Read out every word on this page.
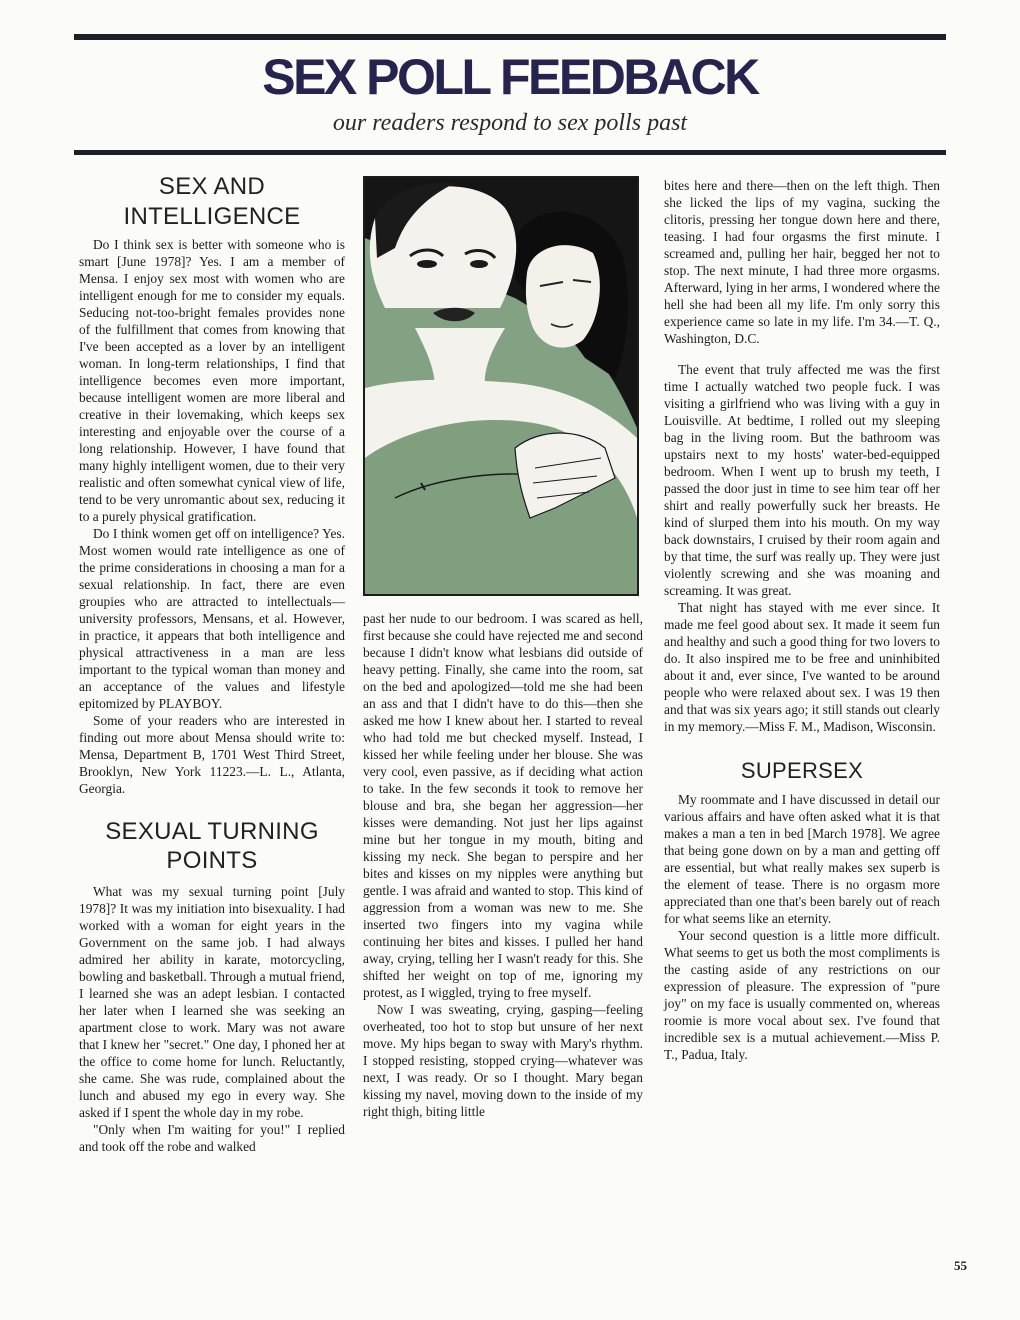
SEX POLL FEEDBACK
our readers respond to sex polls past
SEX AND INTELLIGENCE

Do I think sex is better with someone who is smart [June 1978]? Yes. I am a member of Mensa. I enjoy sex most with women who are intelligent enough for me to consider my equals. Seducing not-too-bright females provides none of the fulfillment that comes from knowing that I've been accepted as a lover by an intelligent woman. In long-term relationships, I find that intelligence becomes even more important, because intelligent women are more liberal and creative in their lovemaking, which keeps sex interesting and enjoyable over the course of a long relationship. However, I have found that many highly intelligent women, due to their very realistic and often somewhat cynical view of life, tend to be very unromantic about sex, reducing it to a purely physical gratification.

Do I think women get off on intelligence? Yes. Most women would rate intelligence as one of the prime considerations in choosing a man for a sexual relationship. In fact, there are even groupies who are attracted to intellectuals—university professors, Mensans, et al. However, in practice, it appears that both intelligence and physical attractiveness in a man are less important to the typical woman than money and an acceptance of the values and lifestyle epitomized by PLAYBOY.

Some of your readers who are interested in finding out more about Mensa should write to: Mensa, Department B, 1701 West Third Street, Brooklyn, New York 11223.—L. L., Atlanta, Georgia.

SEXUAL TURNING POINTS

What was my sexual turning point [July 1978]? It was my initiation into bisexuality. I had worked with a woman for eight years in the Government on the same job. I had always admired her ability in karate, motorcycling, bowling and basketball. Through a mutual friend, I learned she was an adept lesbian. I contacted her later when I learned she was seeking an apartment close to work. Mary was not aware that I knew her "secret." One day, I phoned her at the office to come home for lunch. Reluctantly, she came. She was rude, complained about the lunch and abused my ego in every way. She asked if I spent the whole day in my robe.

"Only when I'm waiting for you!" I replied and took off the robe and walked

past her nude to our bedroom. I was scared as hell, first because she could have rejected me and second because I didn't know what lesbians did outside of heavy petting. Finally, she came into the room, sat on the bed and apologized—told me she had been an ass and that I didn't have to do this—then she asked me how I knew about her. I started to reveal who had told me but checked myself. Instead, I kissed her while feeling under her blouse. She was very cool, even passive, as if deciding what action to take. In the few seconds it took to remove her blouse and bra, she began her aggression—her kisses were demanding. Not just her lips against mine but her tongue in my mouth, biting and kissing my neck. She began to perspire and her bites and kisses on my nipples were anything but gentle. I was afraid and wanted to stop. This kind of aggression from a woman was new to me. She inserted two fingers into my vagina while continuing her bites and kisses. I pulled her hand away, crying, telling her I wasn't ready for this. She shifted her weight on top of me, ignoring my protest, as I wiggled, trying to free myself.

Now I was sweating, crying, gasping—feeling overheated, too hot to stop but unsure of her next move. My hips began to sway with Mary's rhythm. I stopped resisting, stopped crying—whatever was next, I was ready. Or so I thought. Mary began kissing my navel, moving down to the inside of my right thigh, biting little

bites here and there—then on the left thigh. Then she licked the lips of my vagina, sucking the clitoris, pressing her tongue down here and there, teasing. I had four orgasms the first minute. I screamed and, pulling her hair, begged her not to stop. The next minute, I had three more orgasms. Afterward, lying in her arms, I wondered where the hell she had been all my life. I'm only sorry this experience came so late in my life. I'm 34.—T. Q., Washington, D.C.

The event that truly affected me was the first time I actually watched two people fuck. I was visiting a girlfriend who was living with a guy in Louisville. At bedtime, I rolled out my sleeping bag in the living room. But the bathroom was upstairs next to my hosts' water-bed-equipped bedroom. When I went up to brush my teeth, I passed the door just in time to see him tear off her shirt and really powerfully suck her breasts. He kind of slurped them into his mouth. On my way back downstairs, I cruised by their room again and by that time, the surf was really up. They were just violently screwing and she was moaning and screaming. It was great.

That night has stayed with me ever since. It made me feel good about sex. It made it seem fun and healthy and such a good thing for two lovers to do. It also inspired me to be free and uninhibited about it and, ever since, I've wanted to be around people who were relaxed about sex. I was 19 then and that was six years ago; it still stands out clearly in my memory.—Miss F. M., Madison, Wisconsin.

SUPERSEX

My roommate and I have discussed in detail our various affairs and have often asked what it is that makes a man a ten in bed [March 1978]. We agree that being gone down on by a man and getting off are essential, but what really makes sex superb is the element of tease. There is no orgasm more appreciated than one that's been barely out of reach for what seems like an eternity.

Your second question is a little more difficult. What seems to get us both the most compliments is the casting aside of any restrictions on our expression of pleasure. The expression of "pure joy" on my face is usually commented on, whereas roomie is more vocal about sex. I've found that incredible sex is a mutual achievement.—Miss P. T., Padua, Italy.

55
